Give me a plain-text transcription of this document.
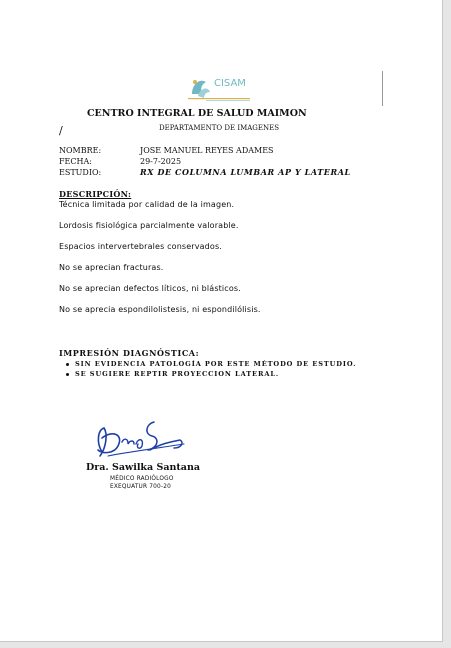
CISAM
CENTRO INTEGRAL DE SALUD MAIMON
/	DEPARTAMENTO DE IMAGENES
NOMBRE:	JOSE MANUEL REYES ADAMES
FECHA:	29-7-2025
ESTUDIO:	RX DE COLUMNA LUMBAR AP Y LATERAL
DESCRIPCIÓN:
Técnica limitada por calidad de la imagen.
Lordosis fisiológica parcialmente valorable.
Espacios intervertebrales conservados.
No se aprecian fracturas.
No se aprecian defectos líticos, ni blásticos.
No se aprecia espondilolistesis, ni espondilólisis.
IMPRESIÓN DIAGNÓSTICA:
SIN EVIDENCIA PATOLOGÍA POR ESTE MÉTODO DE ESTUDIO.
SE SUGIERE REPTIR PROYECCION LATERAL.
Dra. Sawilka Santana
MÉDICO RADIÓLOGO
EXEQUATUR 700-20
